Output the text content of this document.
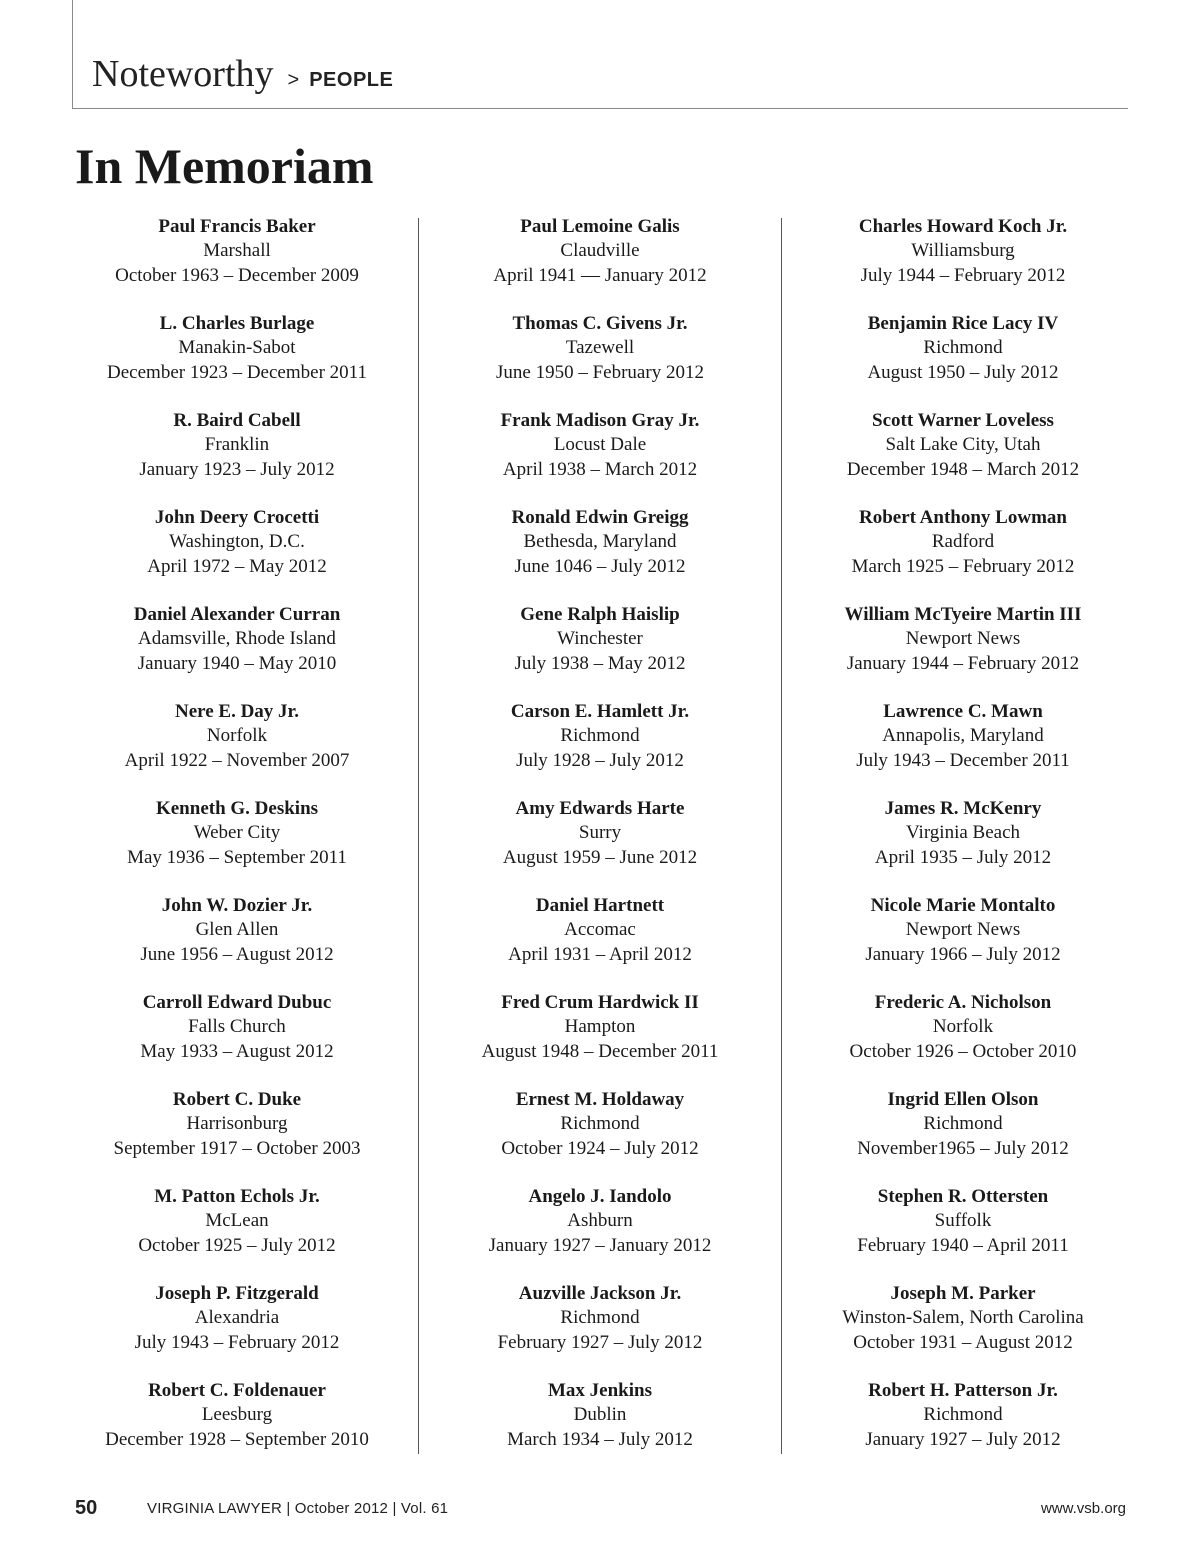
Noteworthy > PEOPLE
In Memoriam
Paul Francis Baker
Marshall
October 1963 – December 2009
L. Charles Burlage
Manakin-Sabot
December 1923 – December 2011
R. Baird Cabell
Franklin
January 1923 – July 2012
John Deery Crocetti
Washington, D.C.
April 1972 – May 2012
Daniel Alexander Curran
Adamsville, Rhode Island
January 1940 – May 2010
Nere E. Day Jr.
Norfolk
April 1922 – November 2007
Kenneth G. Deskins
Weber City
May 1936 – September 2011
John W. Dozier Jr.
Glen Allen
June 1956 – August 2012
Carroll Edward Dubuc
Falls Church
May 1933 – August 2012
Robert C. Duke
Harrisonburg
September 1917 – October 2003
M. Patton Echols Jr.
McLean
October 1925 – July 2012
Joseph P. Fitzgerald
Alexandria
July 1943 – February 2012
Robert C. Foldenauer
Leesburg
December 1928 – September 2010
Paul Lemoine Galis
Claudville
April 1941 — January 2012
Thomas C. Givens Jr.
Tazewell
June 1950 – February 2012
Frank Madison Gray Jr.
Locust Dale
April 1938 – March 2012
Ronald Edwin Greigg
Bethesda, Maryland
June 1046 – July 2012
Gene Ralph Haislip
Winchester
July 1938 – May 2012
Carson E. Hamlett Jr.
Richmond
July 1928 – July 2012
Amy Edwards Harte
Surry
August 1959 – June 2012
Daniel Hartnett
Accomac
April 1931 – April 2012
Fred Crum Hardwick II
Hampton
August 1948 – December 2011
Ernest M. Holdaway
Richmond
October 1924 – July 2012
Angelo J. Iandolo
Ashburn
January 1927 – January 2012
Auzville Jackson Jr.
Richmond
February 1927 – July 2012
Max Jenkins
Dublin
March 1934 – July 2012
Charles Howard Koch Jr.
Williamsburg
July 1944 – February 2012
Benjamin Rice Lacy IV
Richmond
August 1950 – July 2012
Scott Warner Loveless
Salt Lake City, Utah
December 1948 – March 2012
Robert Anthony Lowman
Radford
March 1925 – February 2012
William McTyeire Martin III
Newport News
January 1944 – February 2012
Lawrence C. Mawn
Annapolis, Maryland
July 1943 – December 2011
James R. McKenry
Virginia Beach
April 1935 – July 2012
Nicole Marie Montalto
Newport News
January 1966 – July 2012
Frederic A. Nicholson
Norfolk
October 1926 – October 2010
Ingrid Ellen Olson
Richmond
November1965 – July 2012
Stephen R. Ottersten
Suffolk
February 1940 – April 2011
Joseph M. Parker
Winston-Salem, North Carolina
October 1931 – August 2012
Robert H. Patterson Jr.
Richmond
January 1927 – July 2012
50	VIRGINIA LAWYER | October 2012 | Vol. 61	www.vsb.org
